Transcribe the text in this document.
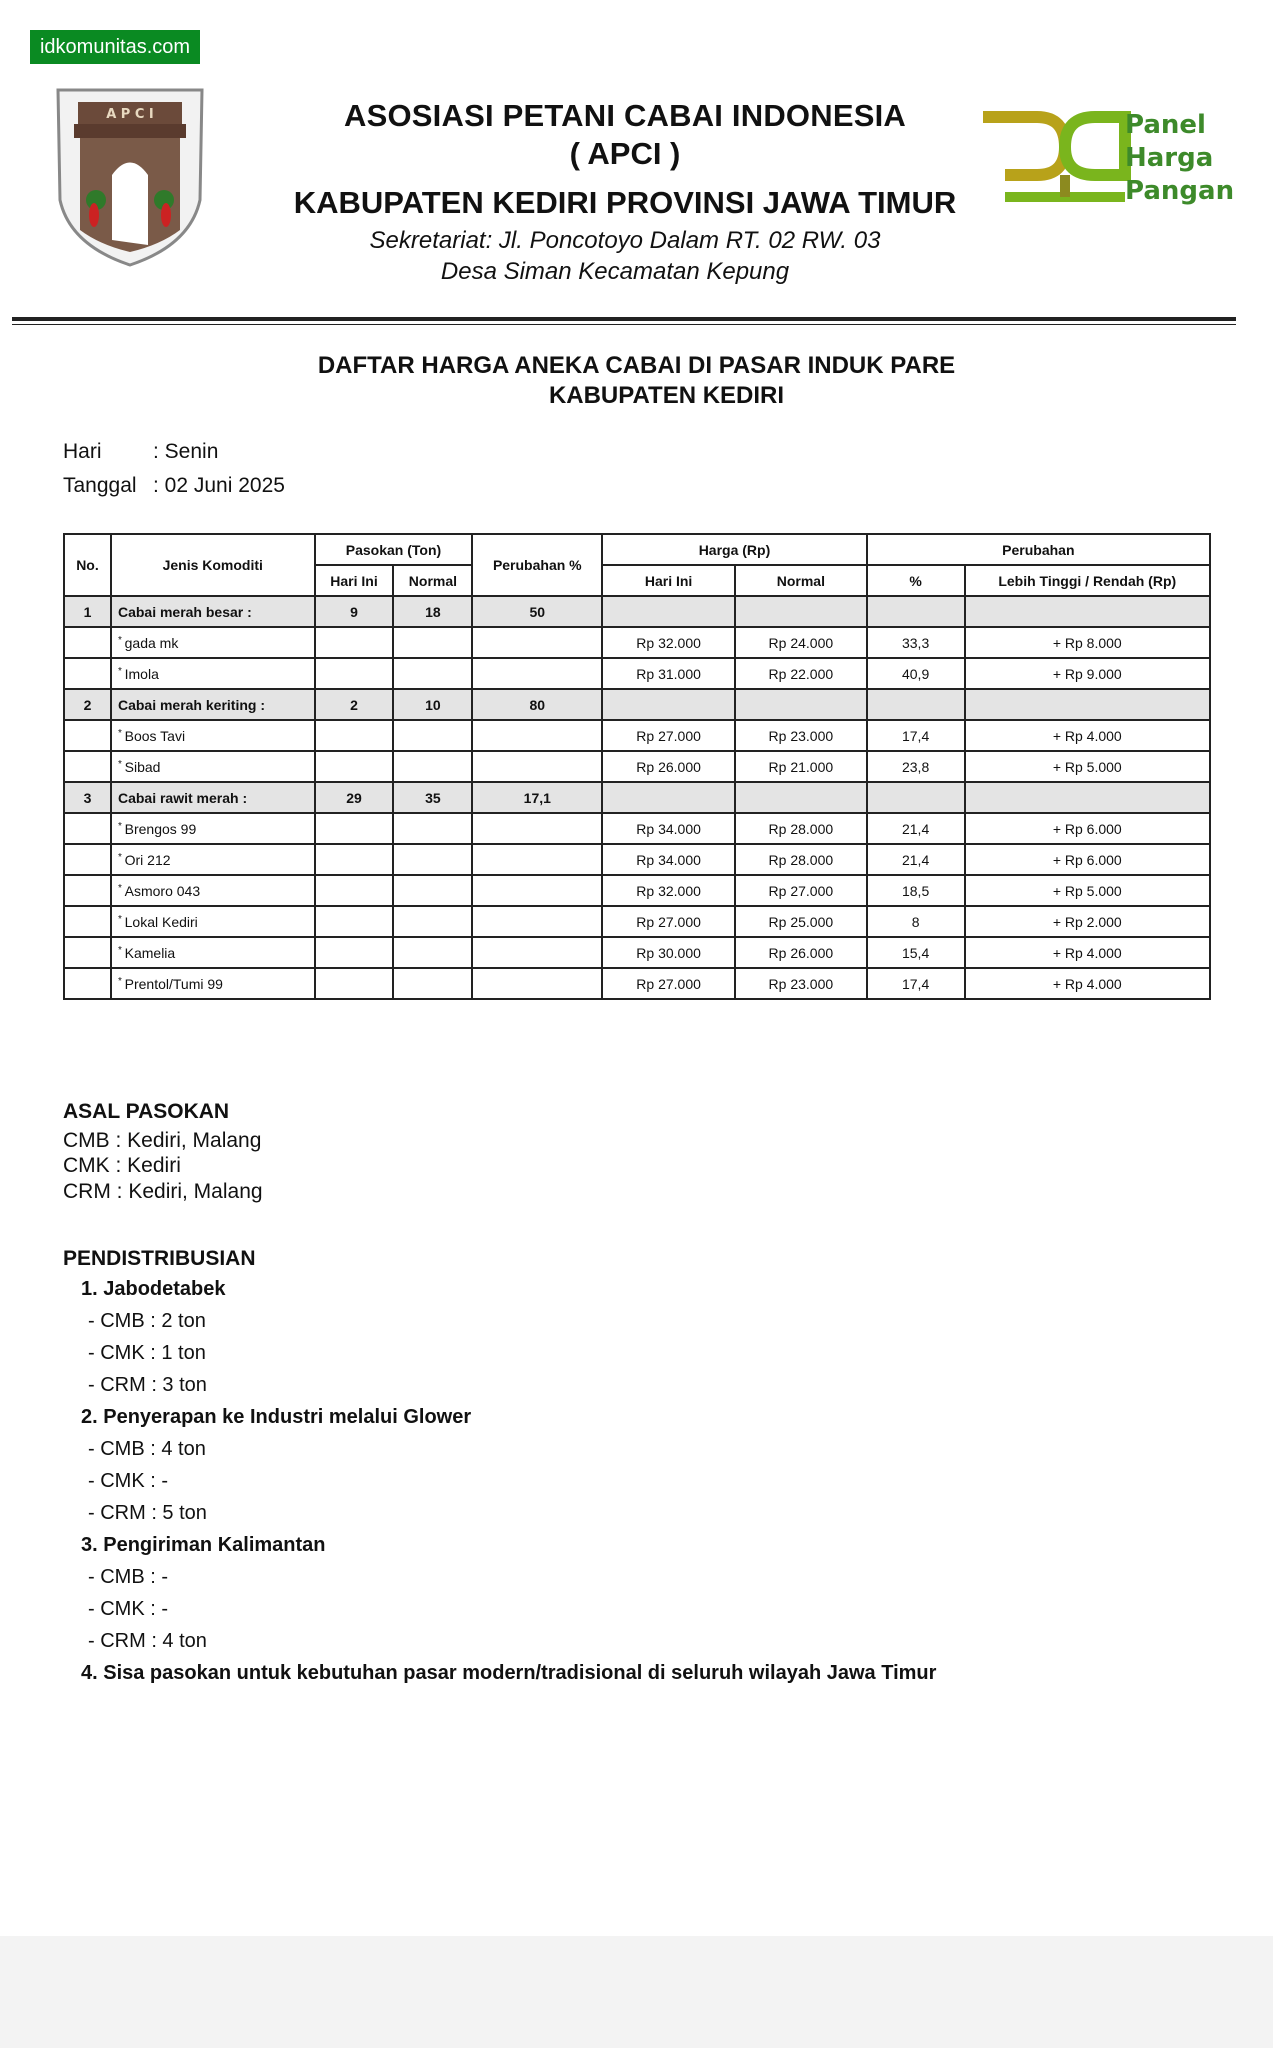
idkomunitas.com
A P C I	ASOSIASI PETANI CABAI INDONESIA
( APCI )
KABUPATEN KEDIRI PROVINSI JAWA TIMUR
Sekretariat: Jl. Poncotoyo Dalam RT. 02 RW. 03
Desa Siman Kecamatan Kepung
Panel
Harga
Pangan
DAFTAR HARGA ANEKA CABAI DI PASAR INDUK PARE
KABUPATEN KEDIRI
Hari : Senin
Tanggal : 02 Juni 2025
No.	Jenis Komoditi	Pasokan (Ton)		Perubahan %	Harga (Rp)		Perubahan	
		Hari Ini	Normal		Hari Ini	Normal	%	Lebih Tinggi / Rendah (Rp)
1	Cabai merah besar :	9	18	50				
	* gada mk				Rp 32.000	Rp 24.000	33,3	+ Rp 8.000
	* Imola				Rp 31.000	Rp 22.000	40,9	+ Rp 9.000
2	Cabai merah keriting :	2	10	80				
	* Boos Tavi				Rp 27.000	Rp 23.000	17,4	+ Rp 4.000
	* Sibad				Rp 26.000	Rp 21.000	23,8	+ Rp 5.000
3	Cabai rawit merah :	29	35	17,1				
	* Brengos 99				Rp 34.000	Rp 28.000	21,4	+ Rp 6.000
	* Ori 212				Rp 34.000	Rp 28.000	21,4	+ Rp 6.000
	* Asmoro 043				Rp 32.000	Rp 27.000	18,5	+ Rp 5.000
	* Lokal Kediri				Rp 27.000	Rp 25.000	8	+ Rp 2.000
	* Kamelia				Rp 30.000	Rp 26.000	15,4	+ Rp 4.000
	* Prentol/Tumi 99				Rp 27.000	Rp 23.000	17,4	+ Rp 4.000
ASAL PASOKAN
CMB : Kediri, Malang
CMK : Kediri
CRM : Kediri, Malang
PENDISTRIBUSIAN
1. Jabodetabek
- CMB : 2 ton
- CMK : 1 ton
- CRM : 3 ton
2. Penyerapan ke Industri melalui Glower
- CMB : 4 ton
- CMK : -
- CRM : 5 ton
3. Pengiriman Kalimantan
- CMB : -
- CMK : -
- CRM : 4 ton
4. Sisa pasokan untuk kebutuhan pasar modern/tradisional di seluruh wilayah Jawa Timur
